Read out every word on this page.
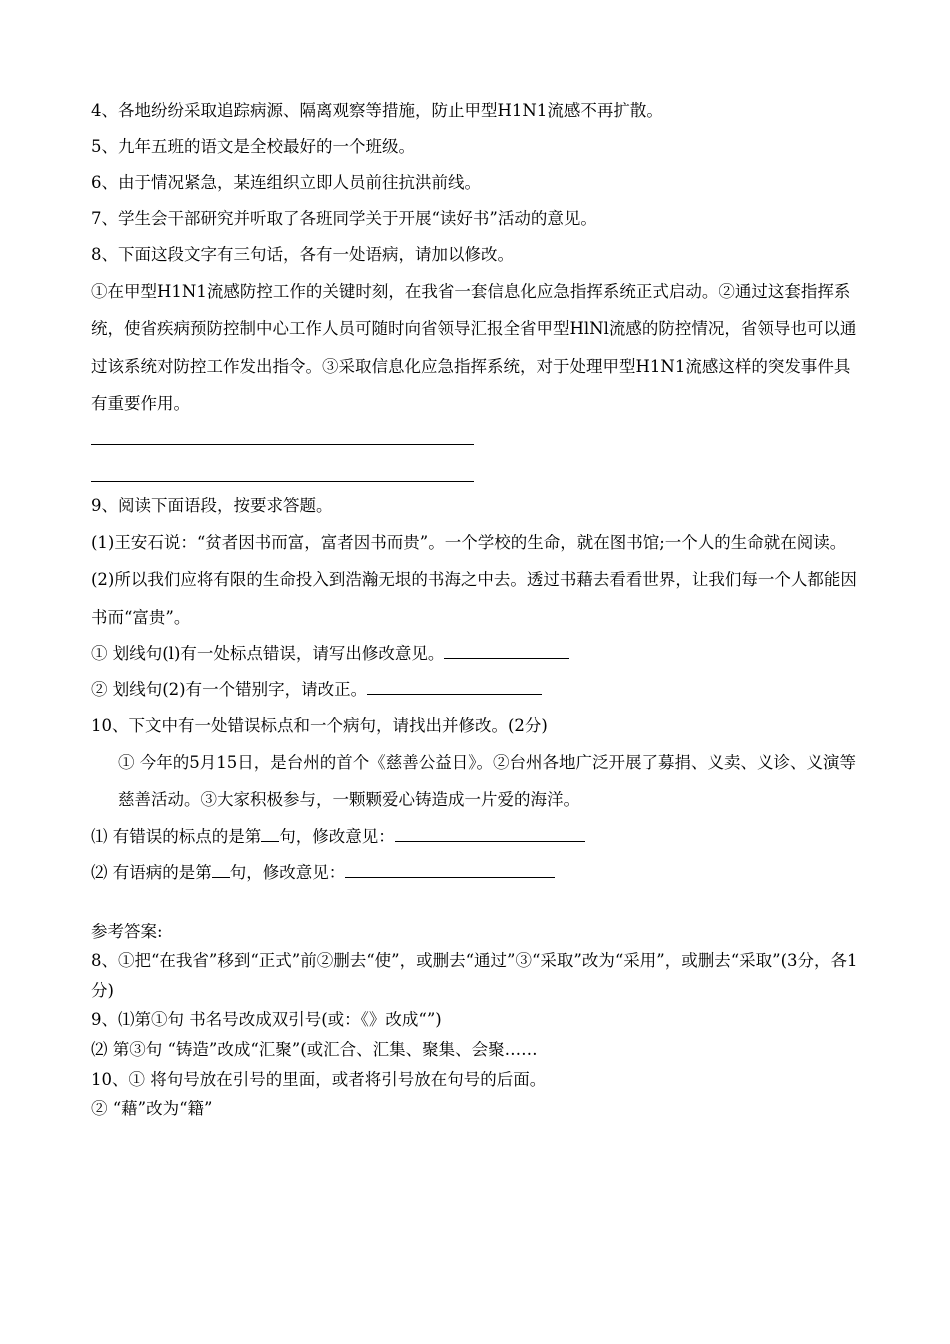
4、各地纷纷采取追踪病源、隔离观察等措施，防止甲型H1N1流感不再扩散。
5、九年五班的语文是全校最好的一个班级。
6、由于情况紧急，某连组织立即人员前往抗洪前线。
7、学生会干部研究并听取了各班同学关于开展“读好书”活动的意见。
8、下面这段文字有三句话，各有一处语病，请加以修改。
①在甲型H1N1流感防控工作的关键时刻，在我省一套信息化应急指挥系统正式启动。②通过这套指挥系统，使省疾病预防控制中心工作人员可随时向省领导汇报全省甲型HlNl流感的防控情况，省领导也可以通过该系统对防控工作发出指令。③采取信息化应急指挥系统，对于处理甲型H1N1流感这样的突发事件具有重要作用。
9、阅读下面语段，按要求答题。
(1)王安石说：“贫者因书而富，富者因书而贵”。一个学校的生命，就在图书馆;一个人的生命就在阅读。(2)所以我们应将有限的生命投入到浩瀚无垠的书海之中去。透过书藉去看看世界，让我们每一个人都能因书而“富贵”。
① 划线句(l)有一处标点错误，请写出修改意见。
② 划线句(2)有一个错别字，请改正。
10、下文中有一处错误标点和一个病句，请找出并修改。(2分)
① 今年的5月15日，是台州的首个《慈善公益日》。②台州各地广泛开展了募捐、义卖、义诊、义演等慈善活动。③大家积极参与，一颗颗爱心铸造成一片爱的海洋。
⑴ 有错误的标点的是第 句，修改意见：
⑵ 有语病的是第 句，修改意见：
参考答案:
8、①把“在我省”移到“正式”前②删去“使”，或删去“通过”③“采取”改为“采用”，或删去“采取”(3分，各1分)
9、⑴第①句 书名号改成双引号(或：《》改成“”)
⑵ 第③句 “铸造”改成“汇聚”(或汇合、汇集、聚集、会聚……
10、① 将句号放在引号的里面，或者将引号放在句号的后面。
② “藉”改为“籍”
